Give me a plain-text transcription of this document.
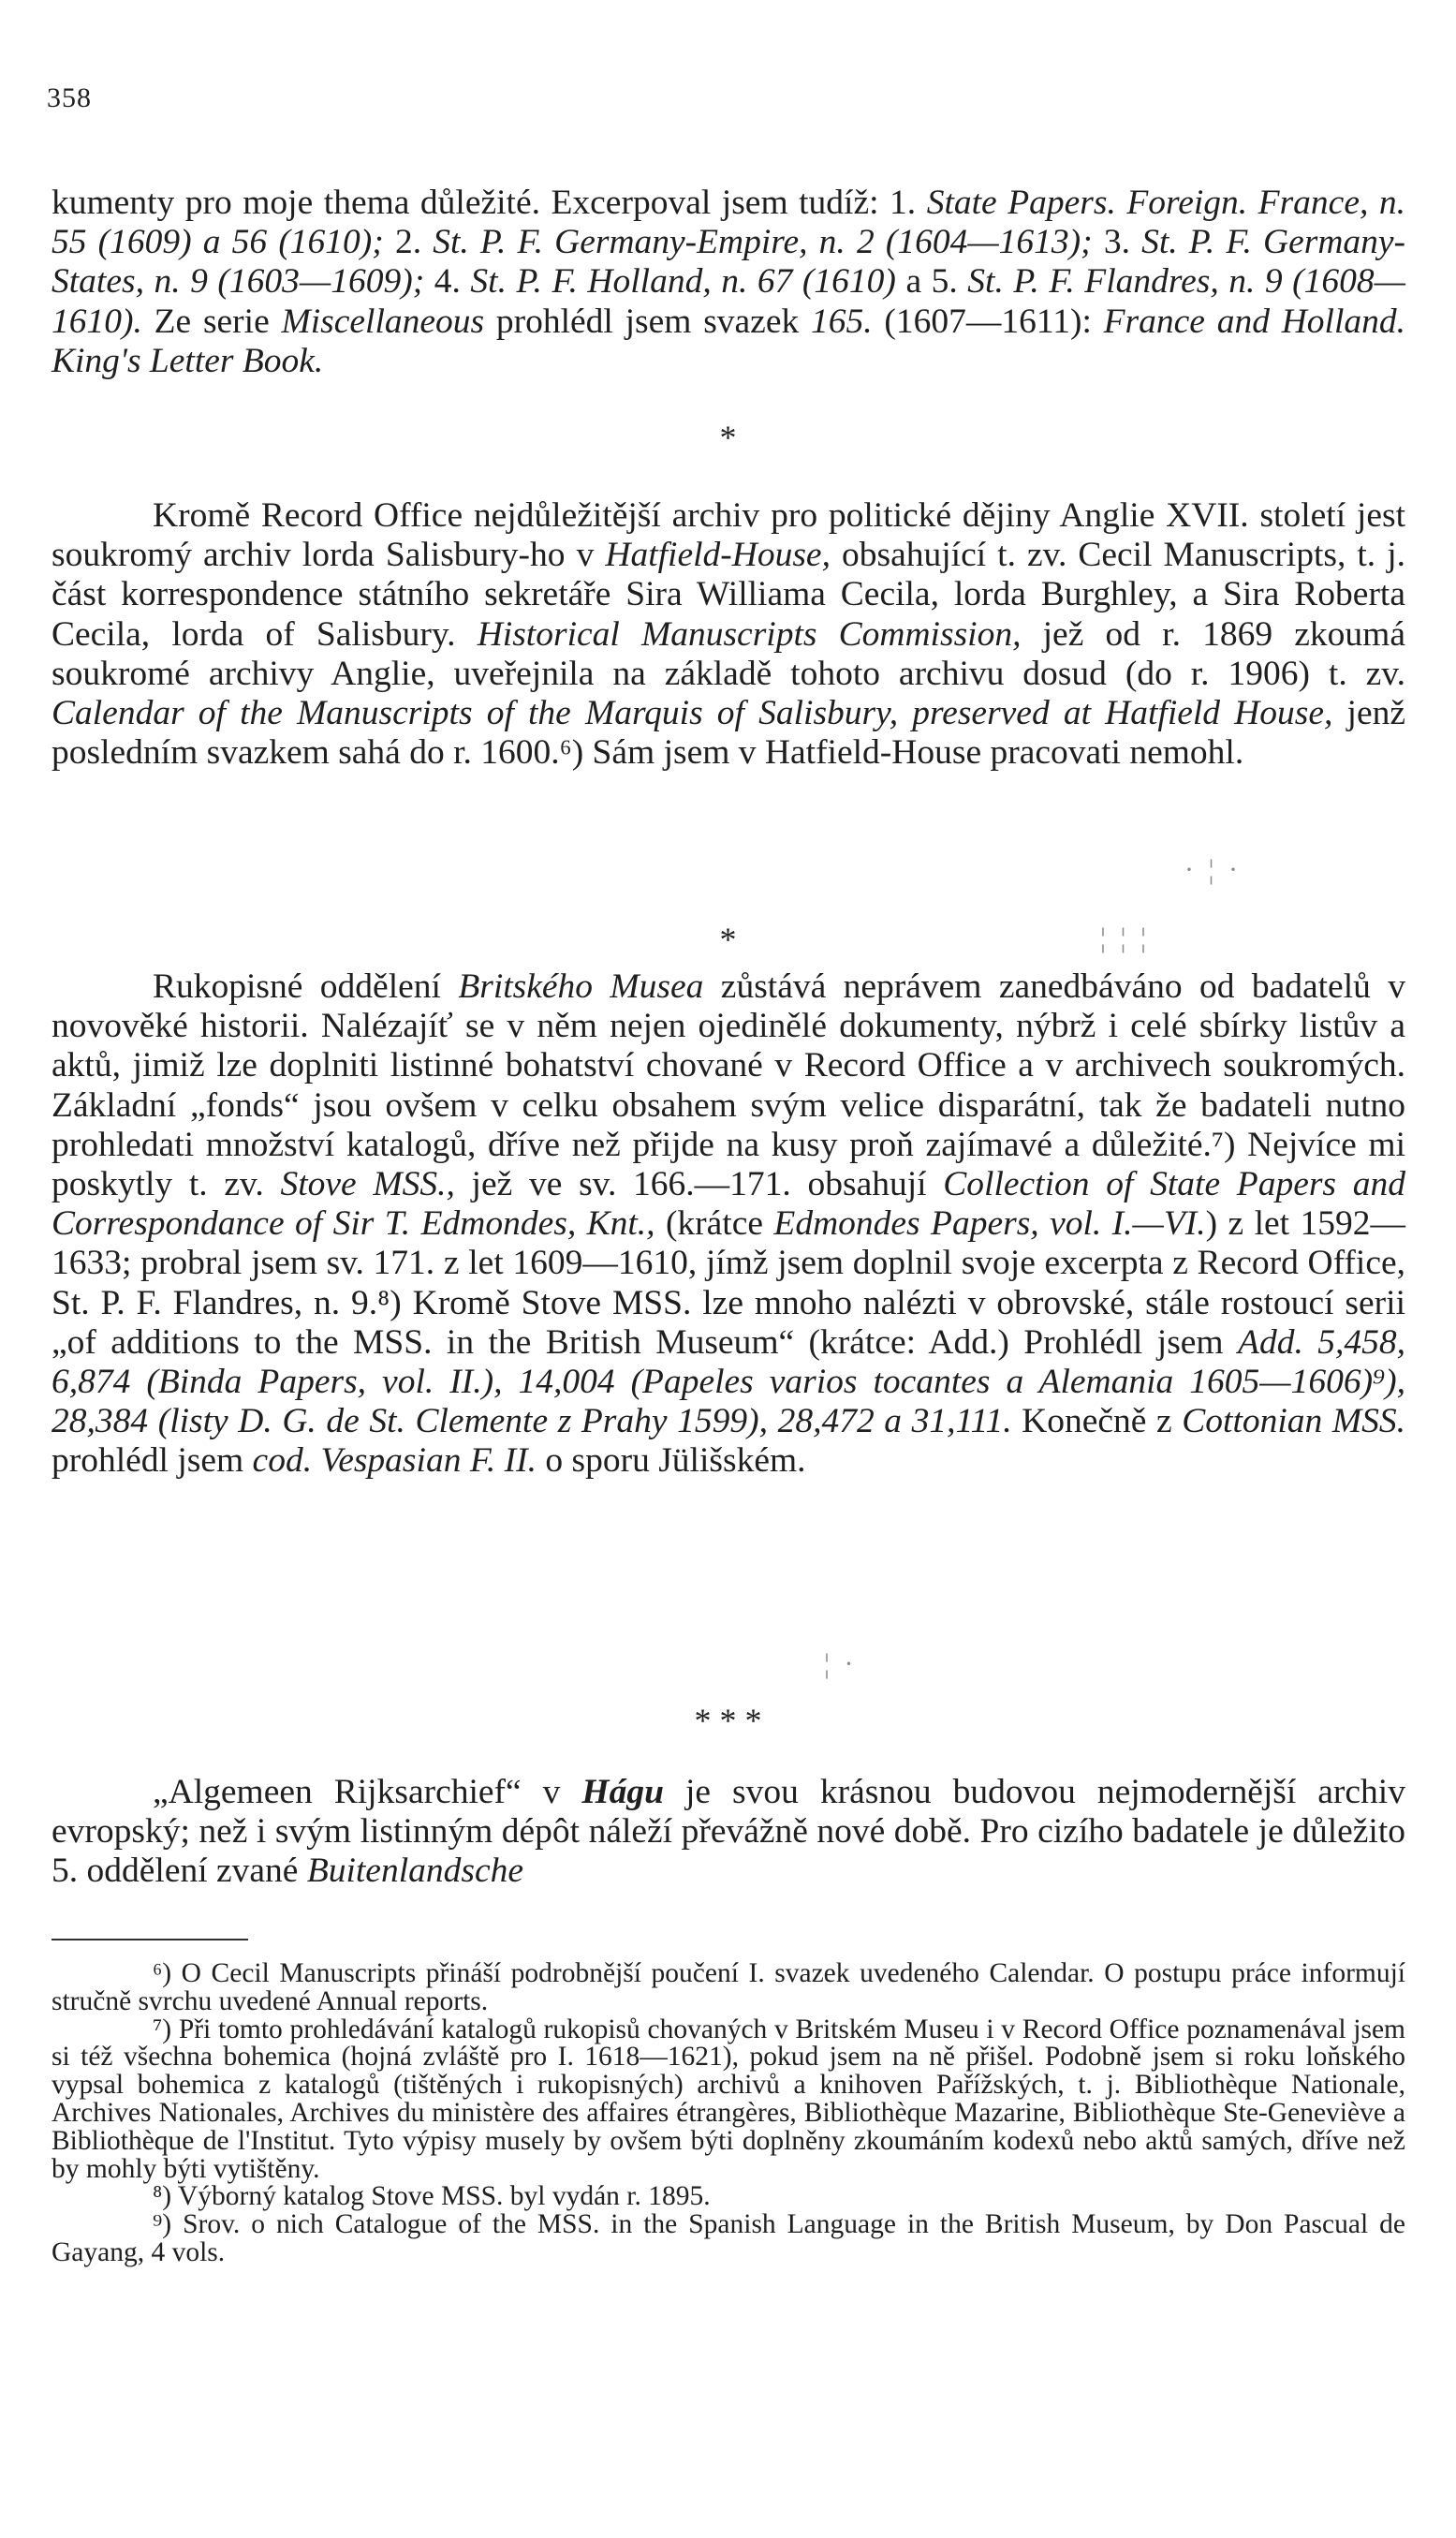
358

kumenty pro moje thema důležité. Excerpoval jsem tudíž: 1. State Papers. Foreign. France, n. 55 (1609) a 56 (1610); 2. St. P. F. Germany-Empire, n. 2 (1604—1613); 3. St. P. F. Germany-States, n. 9 (1603—1609); 4. St. P. F. Holland, n. 67 (1610) a 5. St. P. F. Flandres, n. 9 (1608—1610). Ze serie Miscellaneous prohlédl jsem svazek 165. (1607—1611): France and Holland. King's Letter Book.

*

Kromě Record Office nejdůležitější archiv pro politické dějiny Anglie XVII. století jest soukromý archiv lorda Salisbury-ho v Hatfield-House, obsahující t. zv. Cecil Manuscripts, t. j. část korrespondence státního sekretáře Sira Williama Cecila, lorda Burghley, a Sira Roberta Cecila, lorda of Salisbury. Historical Manuscripts Commission, jež od r. 1869 zkoumá soukromé archivy Anglie, uveřejnila na základě tohoto archivu dosud (do r. 1906) t. zv. Calendar of the Manuscripts of the Marquis of Salisbury, preserved at Hatfield House, jenž posledním svazkem sahá do r. 1600.⁶) Sám jsem v Hatfield-House pracovati nemohl.

*

Rukopisné oddělení Britského Musea zůstává neprávem zanedbáváno od badatelů v novověké historii. Nalézajíť se v něm nejen ojedinělé dokumenty, nýbrž i celé sbírky listův a aktů, jimiž lze doplniti listinné bohatství chované v Record Office a v archivech soukromých. Základní „fonds“ jsou ovšem v celku obsahem svým velice disparátní, tak že badateli nutno prohledati množství katalogů, dříve než přijde na kusy proň zajímavé a důležité.⁷) Nejvíce mi poskytly t. zv. Stove MSS., jež ve sv. 166.—171. obsahují Collection of State Papers and Correspondance of Sir T. Edmondes, Knt., (krátce Edmondes Papers, vol. I.—VI.) z let 1592—1633; probral jsem sv. 171. z let 1609—1610, jímž jsem doplnil svoje excerpta z Record Office, St. P. F. Flandres, n. 9.⁸) Kromě Stove MSS. lze mnoho nalézti v obrovské, stále rostoucí serii „of additions to the MSS. in the British Museum“ (krátce: Add.) Prohlédl jsem Add. 5,458, 6,874 (Binda Papers, vol. II.), 14,004 (Papeles varios tocantes a Alemania 1605—1606)⁹), 28,384 (listy D. G. de St. Clemente z Prahy 1599), 28,472 a 31,111. Konečně z Cottonian MSS. prohlédl jsem cod. Vespasian F. II. o sporu Jülišském.

* * *

„Algemeen Rijksarchief“ v Hágu je svou krásnou budovou nejmodernější archiv evropský; než i svým listinným dépôt náleží převážně nové době. Pro cizího badatele je důležito 5. oddělení zvané Buitenlandsche

⁶) O Cecil Manuscripts přináší podrobnější poučení I. svazek uvedeného Calendar. O postupu práce informují stručně svrchu uvedené Annual reports.

⁷) Při tomto prohledávání katalogů rukopisů chovaných v Britském Museu i v Record Office poznamenával jsem si též všechna bohemica (hojná zvláště pro I. 1618—1621), pokud jsem na ně přišel. Podobně jsem si roku loňského vypsal bohemica z katalogů (tištěných i rukopisných) archivů a knihoven Pařížských, t. j. Bibliothèque Nationale, Archives Nationales, Archives du ministère des affaires étrangères, Bibliothèque Mazarine, Bibliothèque Ste-Geneviève a Bibliothèque de l'Institut. Tyto výpisy musely by ovšem býti doplněny zkoumáním kodexů nebo aktů samých, dříve než by mohly býti vytištěny.

⁸) Výborný katalog Stove MSS. byl vydán r. 1895.

⁹) Srov. o nich Catalogue of the MSS. in the Spanish Language in the British Museum, by Don Pascual de Gayang, 4 vols.

· ¦ ·
¦ ¦ ¦
¦ ·
